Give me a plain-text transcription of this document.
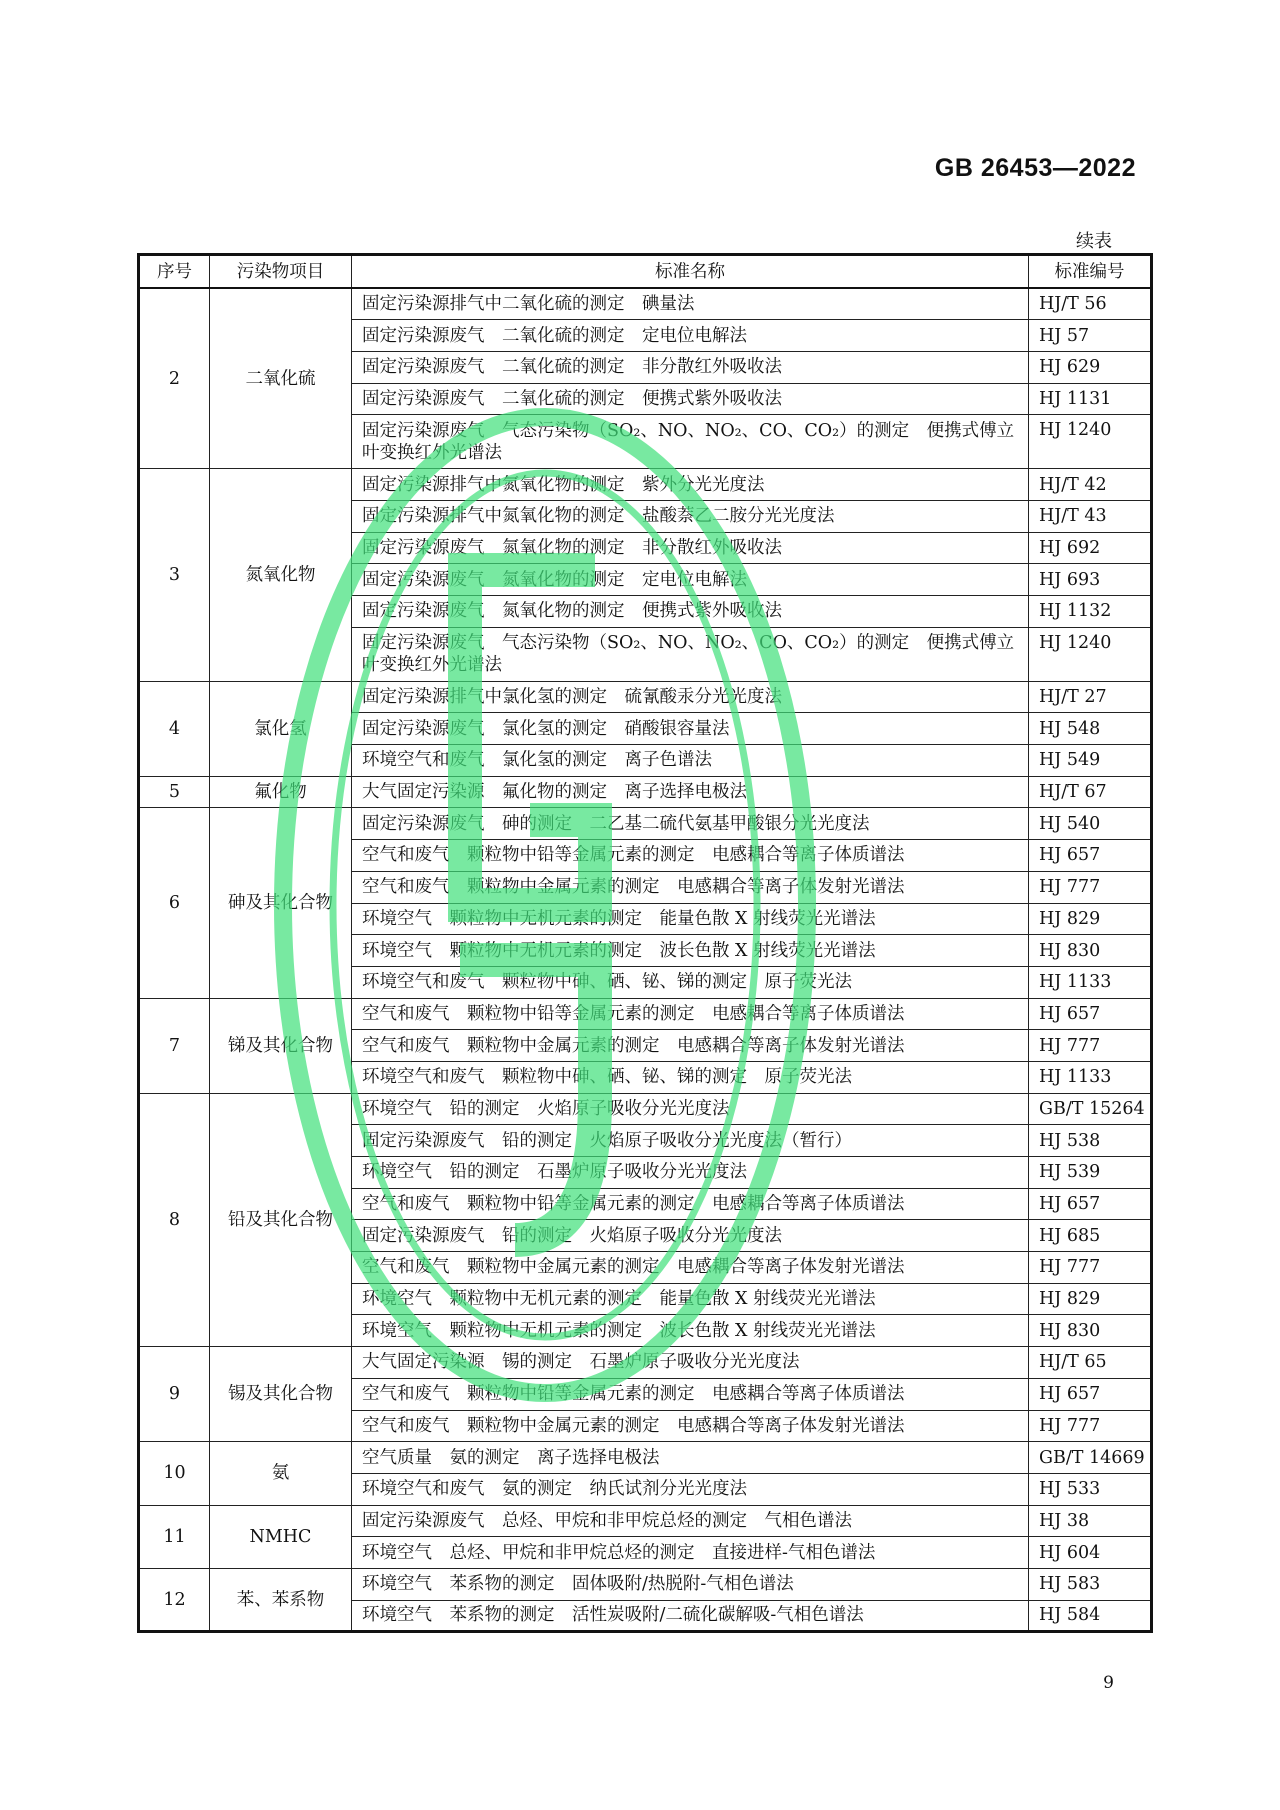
GB 26453—2022
续表
序号	污染物项目	标准名称	标准编号
2	二氧化硫	固定污染源排气中二氧化硫的测定　碘量法	HJ/T 56
		固定污染源废气　二氧化硫的测定　定电位电解法	HJ 57
		固定污染源废气　二氧化硫的测定　非分散红外吸收法	HJ 629
		固定污染源废气　二氧化硫的测定　便携式紫外吸收法	HJ 1131
		固定污染源废气　气态污染物（SO₂、NO、NO₂、CO、CO₂）的测定　便携式傅立叶变换红外光谱法	HJ 1240
3	氮氧化物	固定污染源排气中氮氧化物的测定　紫外分光光度法	HJ/T 42
		固定污染源排气中氮氧化物的测定　盐酸萘乙二胺分光光度法	HJ/T 43
		固定污染源废气　氮氧化物的测定　非分散红外吸收法	HJ 692
		固定污染源废气　氮氧化物的测定　定电位电解法	HJ 693
		固定污染源废气　氮氧化物的测定　便携式紫外吸收法	HJ 1132
		固定污染源废气　气态污染物（SO₂、NO、NO₂、CO、CO₂）的测定　便携式傅立叶变换红外光谱法	HJ 1240
4	氯化氢	固定污染源排气中氯化氢的测定　硫氰酸汞分光光度法	HJ/T 27
		固定污染源废气　氯化氢的测定　硝酸银容量法	HJ 548
		环境空气和废气　氯化氢的测定　离子色谱法	HJ 549
5	氟化物	大气固定污染源　氟化物的测定　离子选择电极法	HJ/T 67
6	砷及其化合物	固定污染源废气　砷的测定　二乙基二硫代氨基甲酸银分光光度法	HJ 540
		空气和废气　颗粒物中铅等金属元素的测定　电感耦合等离子体质谱法	HJ 657
		空气和废气　颗粒物中金属元素的测定　电感耦合等离子体发射光谱法	HJ 777
		环境空气　颗粒物中无机元素的测定　能量色散 X 射线荧光光谱法	HJ 829
		环境空气　颗粒物中无机元素的测定　波长色散 X 射线荧光光谱法	HJ 830
		环境空气和废气　颗粒物中砷、硒、铋、锑的测定　原子荧光法	HJ 1133
7	锑及其化合物	空气和废气　颗粒物中铅等金属元素的测定　电感耦合等离子体质谱法	HJ 657
		空气和废气　颗粒物中金属元素的测定　电感耦合等离子体发射光谱法	HJ 777
		环境空气和废气　颗粒物中砷、硒、铋、锑的测定　原子荧光法	HJ 1133
8	铅及其化合物	环境空气　铅的测定　火焰原子吸收分光光度法	GB/T 15264
		固定污染源废气　铅的测定　火焰原子吸收分光光度法（暂行）	HJ 538
		环境空气　铅的测定　石墨炉原子吸收分光光度法	HJ 539
		空气和废气　颗粒物中铅等金属元素的测定　电感耦合等离子体质谱法	HJ 657
		固定污染源废气　铅的测定　火焰原子吸收分光光度法	HJ 685
		空气和废气　颗粒物中金属元素的测定　电感耦合等离子体发射光谱法	HJ 777
		环境空气　颗粒物中无机元素的测定　能量色散 X 射线荧光光谱法	HJ 829
		环境空气　颗粒物中无机元素的测定　波长色散 X 射线荧光光谱法	HJ 830
9	锡及其化合物	大气固定污染源　锡的测定　石墨炉原子吸收分光光度法	HJ/T 65
		空气和废气　颗粒物中铅等金属元素的测定　电感耦合等离子体质谱法	HJ 657
		空气和废气　颗粒物中金属元素的测定　电感耦合等离子体发射光谱法	HJ 777
10	氨	空气质量　氨的测定　离子选择电极法	GB/T 14669
		环境空气和废气　氨的测定　纳氏试剂分光光度法	HJ 533
11	NMHC	固定污染源废气　总烃、甲烷和非甲烷总烃的测定　气相色谱法	HJ 38
		环境空气　总烃、甲烷和非甲烷总烃的测定　直接进样-气相色谱法	HJ 604
12	苯、苯系物	环境空气　苯系物的测定　固体吸附/热脱附-气相色谱法	HJ 583
		环境空气　苯系物的测定　活性炭吸附/二硫化碳解吸-气相色谱法	HJ 584
9
